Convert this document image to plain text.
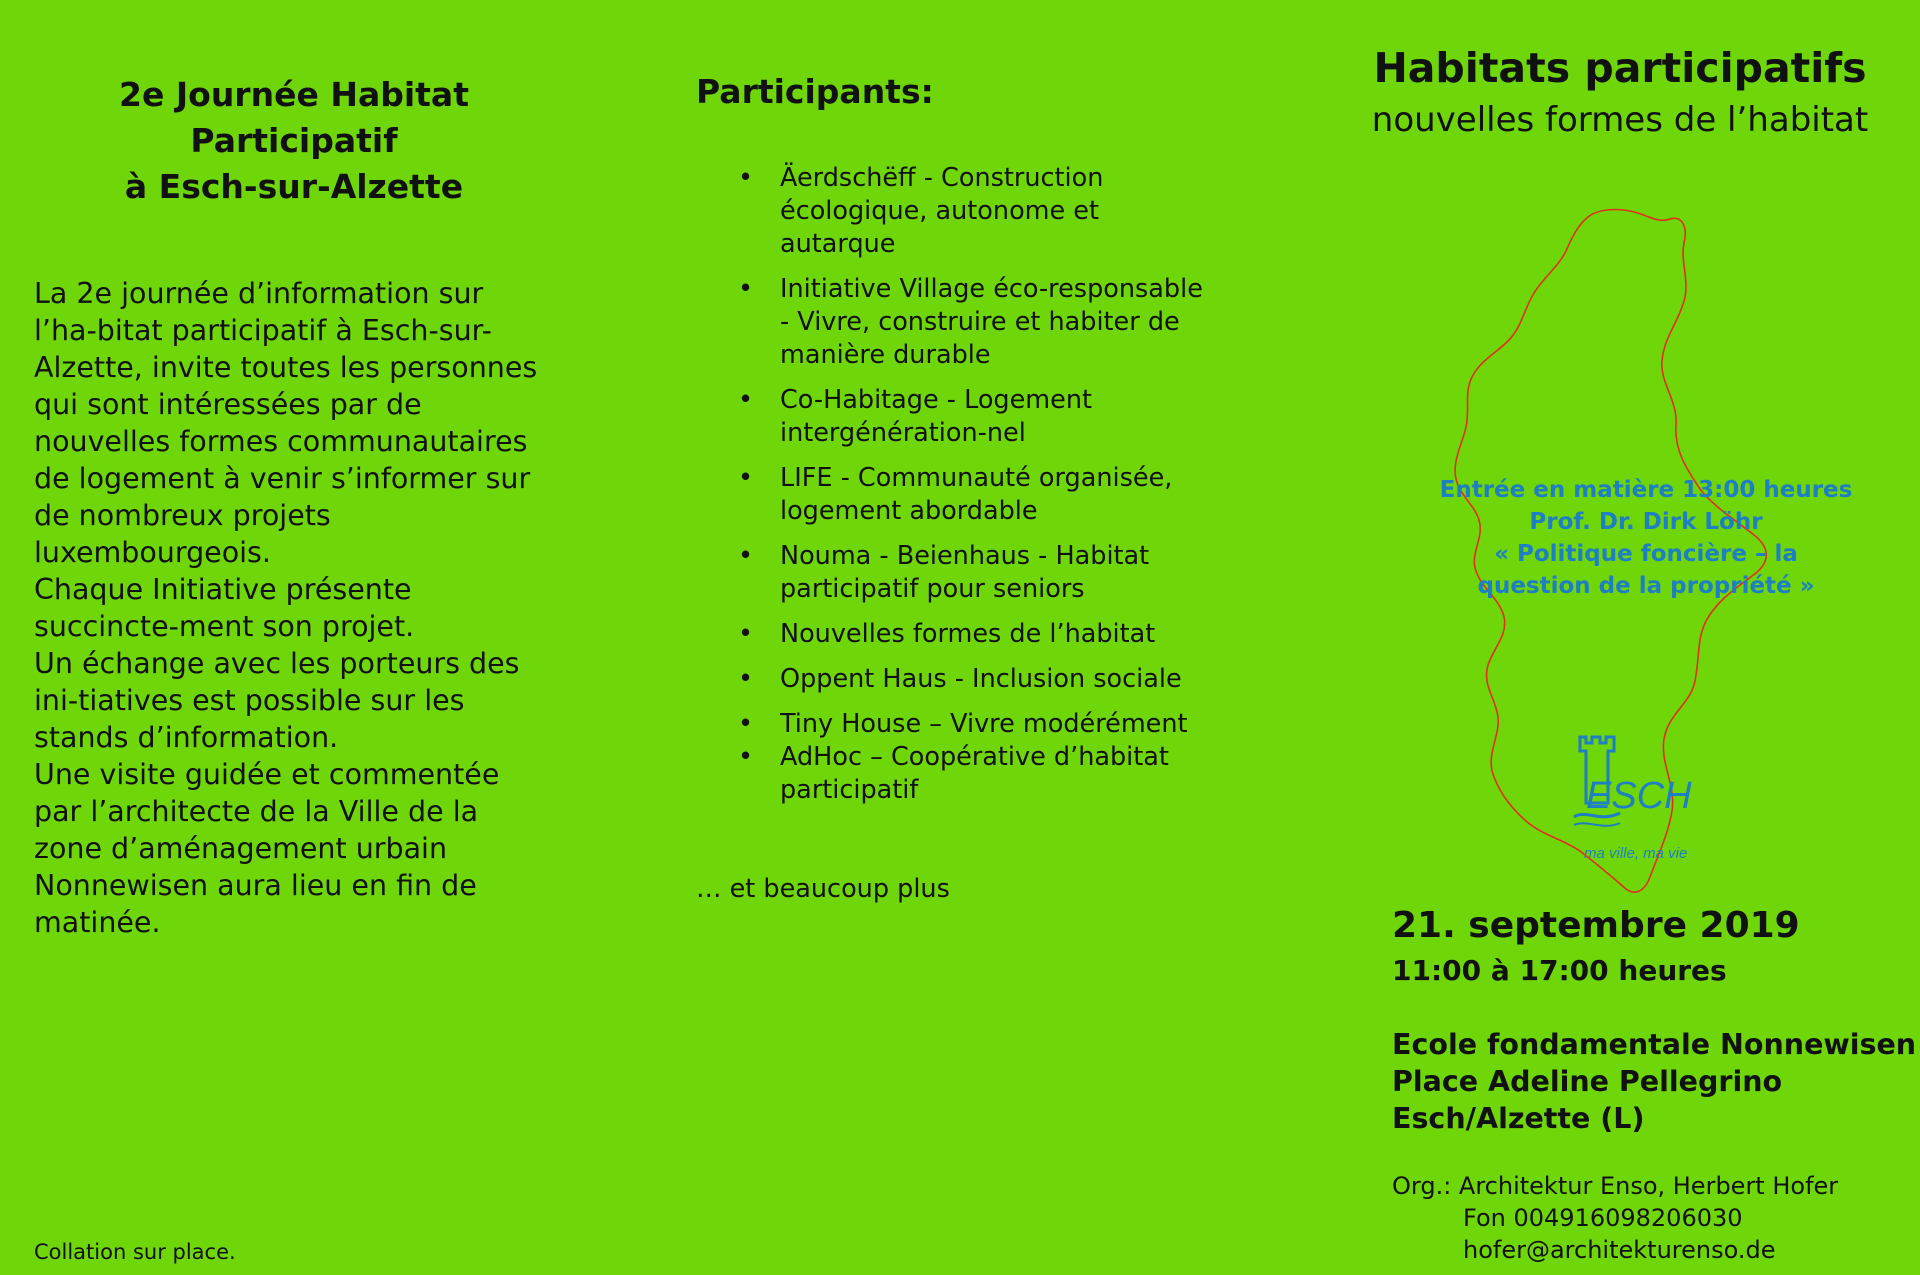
2e Journée Habitat
Participatif
à Esch-sur-Alzette

La 2e journée d’information sur l’ha-bitat participatif à Esch-sur-Alzette, invite toutes les personnes qui sont intéressées par de nouvelles formes communautaires de logement à venir s’informer sur de nombreux projets luxembourgeois.

Chaque Initiative présente succincte-ment son projet.

Un échange avec les porteurs des ini-tiatives est possible sur les stands d’information.

Une visite guidée et commentée par l’architecte de la Ville de la zone d’aménagement urbain Nonnewisen aura lieu en fin de matinée.

Collation sur place.
Participants:
• Äerdschëff - Construction écologique, autonome et autarque
• Initiative Village éco-responsable - Vivre, construire et habiter de manière durable
• Co-Habitage - Logement intergénération-nel
• LIFE - Communauté organisée, logement abordable
• Nouma - Beienhaus - Habitat participatif pour seniors
• Nouvelles formes de l’habitat
• Oppent Haus - Inclusion sociale
• Tiny House – Vivre modérément
• AdHoc – Coopérative d’habitat participatif
… et beaucoup plus
Habitats participatifs
nouvelles formes de l’habitat
Entrée en matière 13:00 heures
Prof. Dr. Dirk Löhr
« Politique foncière – la
question de la propriété »
ESCH
ma ville, ma vie
21. septembre 2019
11:00 à 17:00 heures
Ecole fondamentale Nonnewisen
Place Adeline Pellegrino
Esch/Alzette (L)
Org.: Architektur Enso, Herbert Hofer
Fon 004916098206030
hofer@architekturenso.de
